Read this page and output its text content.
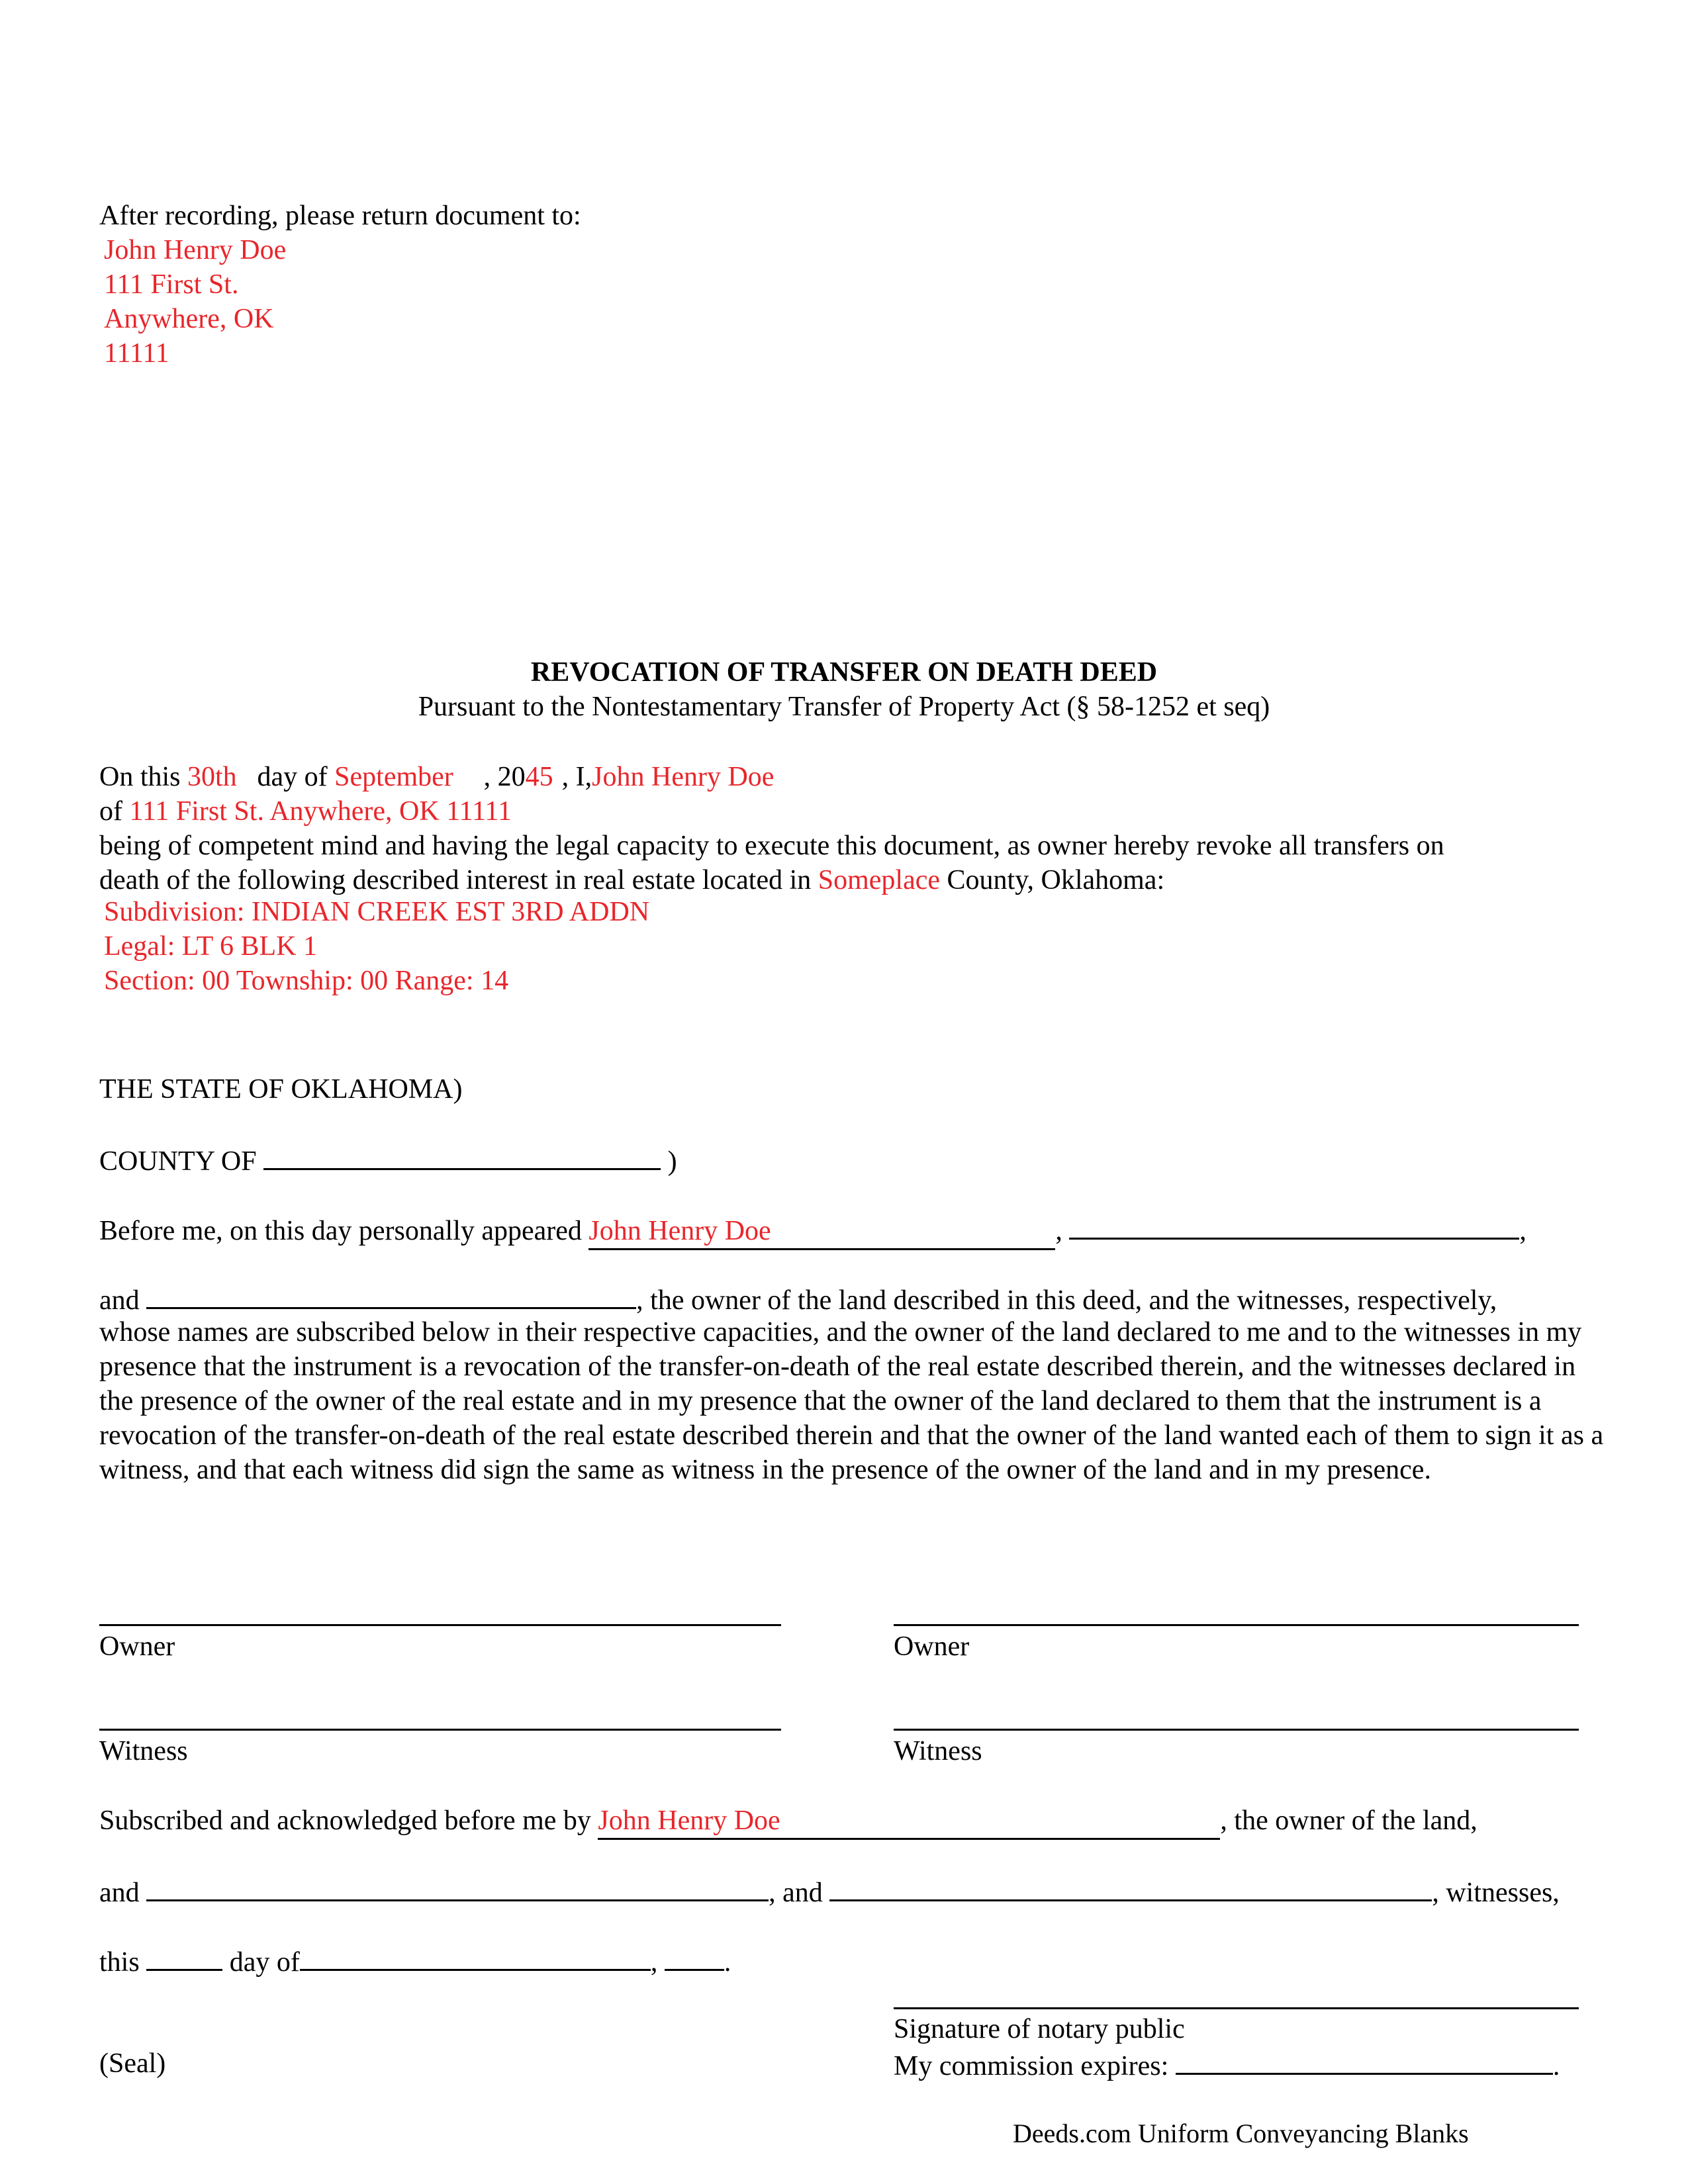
After recording, please return document to:
John Henry Doe
111 First St.
Anywhere, OK
11111
REVOCATION OF TRANSFER ON DEATH DEED
Pursuant to the Nontestamentary Transfer of Property Act (§ 58-1252 et seq)
On this 30th day of September , 2045 , I,John Henry Doe
of 111 First St. Anywhere, OK 11111
being of competent mind and having the legal capacity to execute this document, as owner hereby revoke all transfers on
death of the following described interest in real estate located in Someplace County, Oklahoma:
Subdivision: INDIAN CREEK EST 3RD ADDN
Legal: LT 6 BLK 1
Section: 00 Township: 00 Range: 14
THE STATE OF OKLAHOMA)
COUNTY OF	)
Before me, on this day personally appeared John Henry Doe	,	,
and	, the owner of the land described in this deed, and the witnesses, respectively,
whose names are subscribed below in their respective capacities, and the owner of the land declared to me and to the witnesses in my presence that the instrument is a revocation of the transfer-on-death of the real estate described therein, and the witnesses declared in the presence of the owner of the real estate and in my presence that the owner of the land declared to them that the instrument is a revocation of the transfer-on-death of the real estate described therein and that the owner of the land wanted each of them to sign it as a witness, and that each witness did sign the same as witness in the presence of the owner of the land and in my presence.
Owner	Owner
Witness	Witness
Subscribed and acknowledged before me by John Henry Doe	, the owner of the land,
and	, and	, witnesses,
this	day of	, .
Signature of notary public
My commission expires:	.
(Seal)
Deeds.com Uniform Conveyancing Blanks
